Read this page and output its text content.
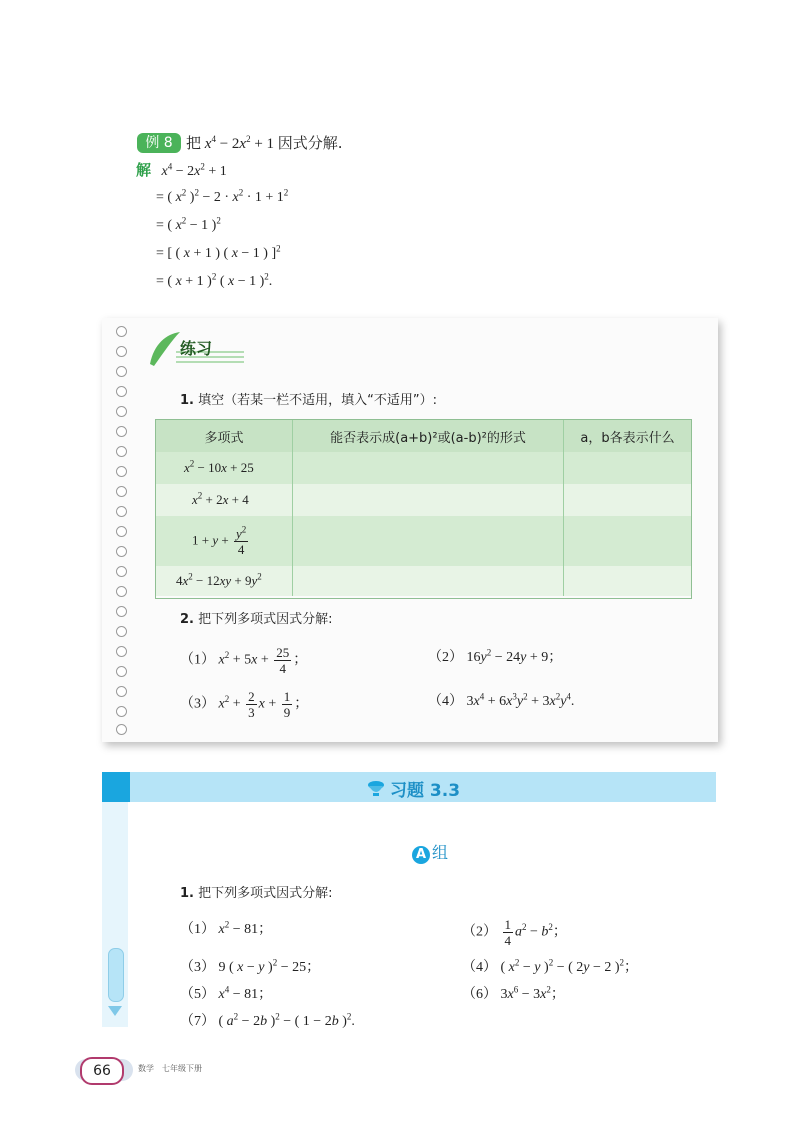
例 8 把 $x^4 - 2x^2 + 1$ 因式分解.
解 $x^4 - 2x^2 + 1$
= ( $x^2$ )$^2 - 2 \cdot x^2 \cdot 1 + 1^2$
= ( $x^2 - 1$ )$^2$
= [ ( x + 1 ) ( x − 1 ) ]$^2$
= ( x + 1 )$^2$ ( x − 1 )$^2$.
练习
1. 填空（若某一栏不适用，填入“不适用”）:
多项式	能否表示成(a+b)²或(a-b)²的形式	a，b各表示什么
$x^2 - 10x + 25$		
$x^2 + 2x + 4$		
$1 + y + \frac{y^2}{4}$

$4x^2 - 12xy + 9y^2$		
2. 把下列多项式因式分解:
（1） $x^2 + 5x + \frac{25}{4}$ ；	（2） $16y^2 - 24y + 9$；
（3） $x^2 + \frac{2}{3}$ $x + \frac{1}{9}$ ；	（4） $3x^4 + 6x^3y^2 + 3x^2y^4$.
习题 3.3
A 组
1. 把下列多项式因式分解:
（1） $x^2 - 81$；	$(2) \frac{1}{4} a^2 - b^2$；
（3） 9 ( x − y )$^2$ − 25；	（4） ( $x^2 - y$ )$^2$ − ( 2y − 2 )$^2$；
（5） $x^4 - 81$；	（6） $3x^6 - 3x^2$；
（7） ( $a^2 - 2b$ )$^2$ − ( 1 − 2b )$^2$.
66	数学　七年级下册
